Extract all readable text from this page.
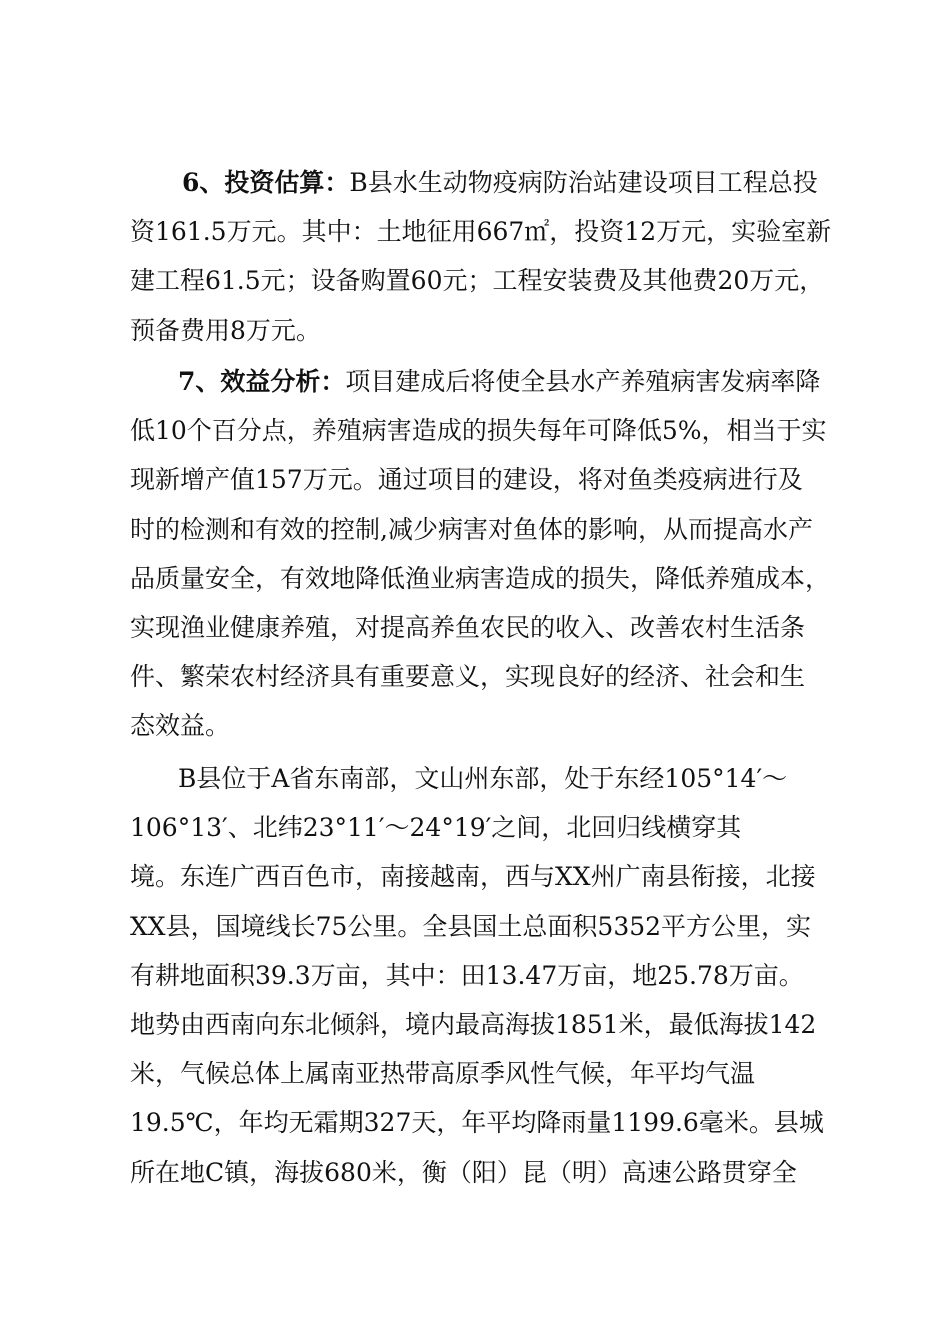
6、投资估算：B县水生动物疫病防治站建设项目工程总投
资161.5万元。其中：土地征用667㎡，投资12万元，实验室新
建工程61.5元；设备购置60元；工程安装费及其他费20万元，
预备费用8万元。
7、效益分析：项目建成后将使全县水产养殖病害发病率降
低10个百分点，养殖病害造成的损失每年可降低5%，相当于实
现新增产值157万元。通过项目的建设，将对鱼类疫病进行及
时的检测和有效的控制,减少病害对鱼体的影响，从而提高水产
品质量安全，有效地降低渔业病害造成的损失，降低养殖成本，
实现渔业健康养殖，对提高养鱼农民的收入、改善农村生活条
件、繁荣农村经济具有重要意义，实现良好的经济、社会和生
态效益。
B县位于A省东南部，文山州东部，处于东经105°14′～
106°13′、北纬23°11′～24°19′之间，北回归线横穿其
境。东连广西百色市，南接越南，西与XX州广南县衔接，北接
XX县，国境线长75公里。全县国土总面积5352平方公里，实
有耕地面积39.3万亩，其中：田13.47万亩，地25.78万亩。
地势由西南向东北倾斜，境内最高海拔1851米，最低海拔142
米，气候总体上属南亚热带高原季风性气候，年平均气温
19.5℃，年均无霜期327天，年平均降雨量1199.6毫米。县城
所在地C镇，海拔680米，衡（阳）昆（明）高速公路贯穿全
